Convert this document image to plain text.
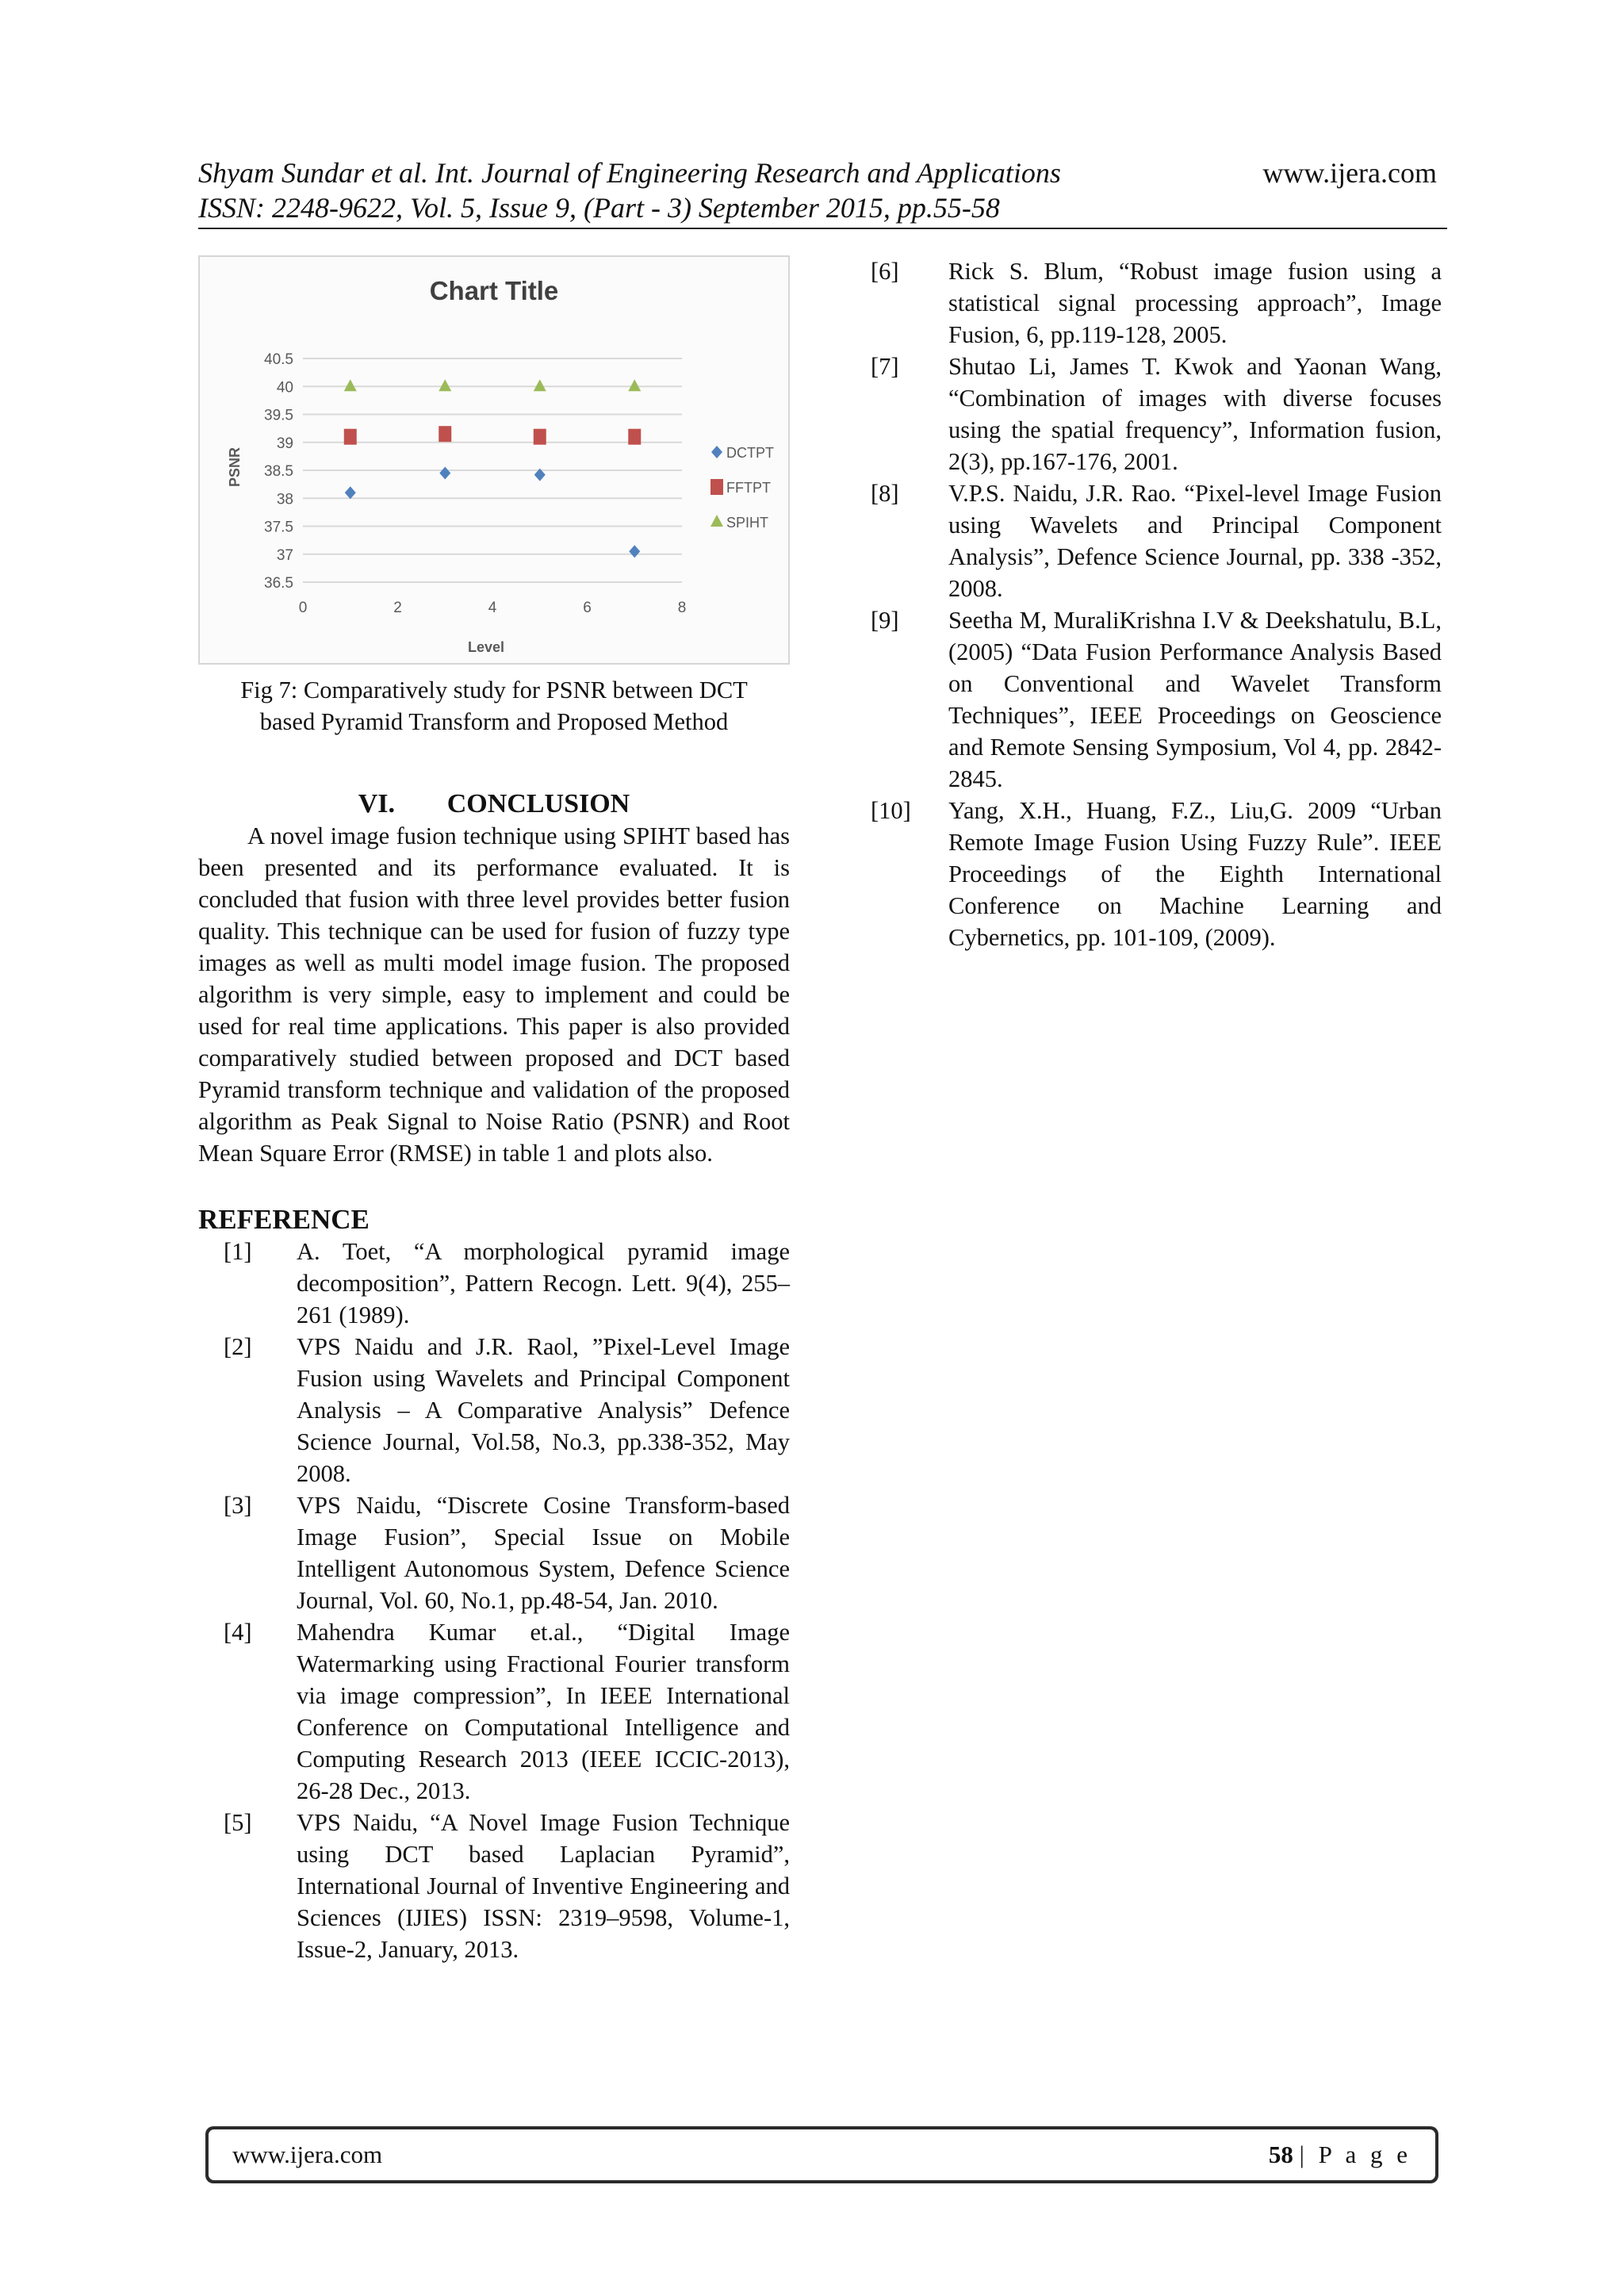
Shyam Sundar et al. Int. Journal of Engineering Research and Applications	www.ijera.com
ISSN: 2248-9622, Vol. 5, Issue 9, (Part - 3) September 2015, pp.55-58
Chart Title
40.5
40
39.5
39
38.5
38
37.5
37
36.5
0	2	4	6	8
Level
PSNR	DCTPT
FFTPT
SPIHT
Fig 7: Comparatively study for PSNR between DCT
based Pyramid Transform and Proposed Method
VI. CONCLUSION

A novel image fusion technique using SPIHT based has been presented and its performance evaluated. It is concluded that fusion with three level provides better fusion quality. This technique can be used for fusion of fuzzy type images as well as multi model image fusion. The proposed algorithm is very simple, easy to implement and could be used for real time applications. This paper is also provided comparatively studied between proposed and DCT based Pyramid transform technique and validation of the proposed algorithm as Peak Signal to Noise Ratio (PSNR) and Root Mean Square Error (RMSE) in table 1 and plots also.

REFERENCE
[1]	A. Toet, “A morphological pyramid image decomposition”, Pattern Recogn. Lett. 9(4), 255–261 (1989).
[2]	VPS Naidu and J.R. Raol, ”Pixel-Level Image Fusion using Wavelets and Principal Component Analysis – A Comparative Analysis” Defence Science Journal, Vol.58, No.3, pp.338-352, May 2008.
[3]	VPS Naidu, “Discrete Cosine Transform-based Image Fusion”, Special Issue on Mobile Intelligent Autonomous System, Defence Science Journal, Vol. 60, No.1, pp.48-54, Jan. 2010.
[4]	Mahendra Kumar et.al., “Digital Image Watermarking using Fractional Fourier transform via image compression”, In IEEE International Conference on Computational Intelligence and Computing Research 2013 (IEEE ICCIC-2013), 26-28 Dec., 2013.
[5]	VPS Naidu, “A Novel Image Fusion Technique using DCT based Laplacian Pyramid”, International Journal of Inventive Engineering and Sciences (IJIES) ISSN: 2319–9598, Volume-1, Issue-2, January, 2013.
[6]	Rick S. Blum, “Robust image fusion using a statistical signal processing approach”, Image Fusion, 6, pp.119-128, 2005.
[7]	Shutao Li, James T. Kwok and Yaonan Wang, “Combination of images with diverse focuses using the spatial frequency”, Information fusion, 2(3), pp.167-176, 2001.
[8]	V.P.S. Naidu, J.R. Rao. “Pixel-level Image Fusion using Wavelets and Principal Component Analysis”, Defence Science Journal, pp. 338 -352, 2008.
[9]	Seetha M, MuraliKrishna I.V & Deekshatulu, B.L, (2005) “Data Fusion Performance Analysis Based on Conventional and Wavelet Transform Techniques”, IEEE Proceedings on Geoscience and Remote Sensing Symposium, Vol 4, pp. 2842-2845.
[10]	Yang, X.H., Huang, F.Z., Liu,G. 2009 “Urban Remote Image Fusion Using Fuzzy Rule”. IEEE Proceedings of the Eighth International Conference on Machine Learning and Cybernetics, pp. 101-109, (2009).
www.ijera.com	58 | P a g e
